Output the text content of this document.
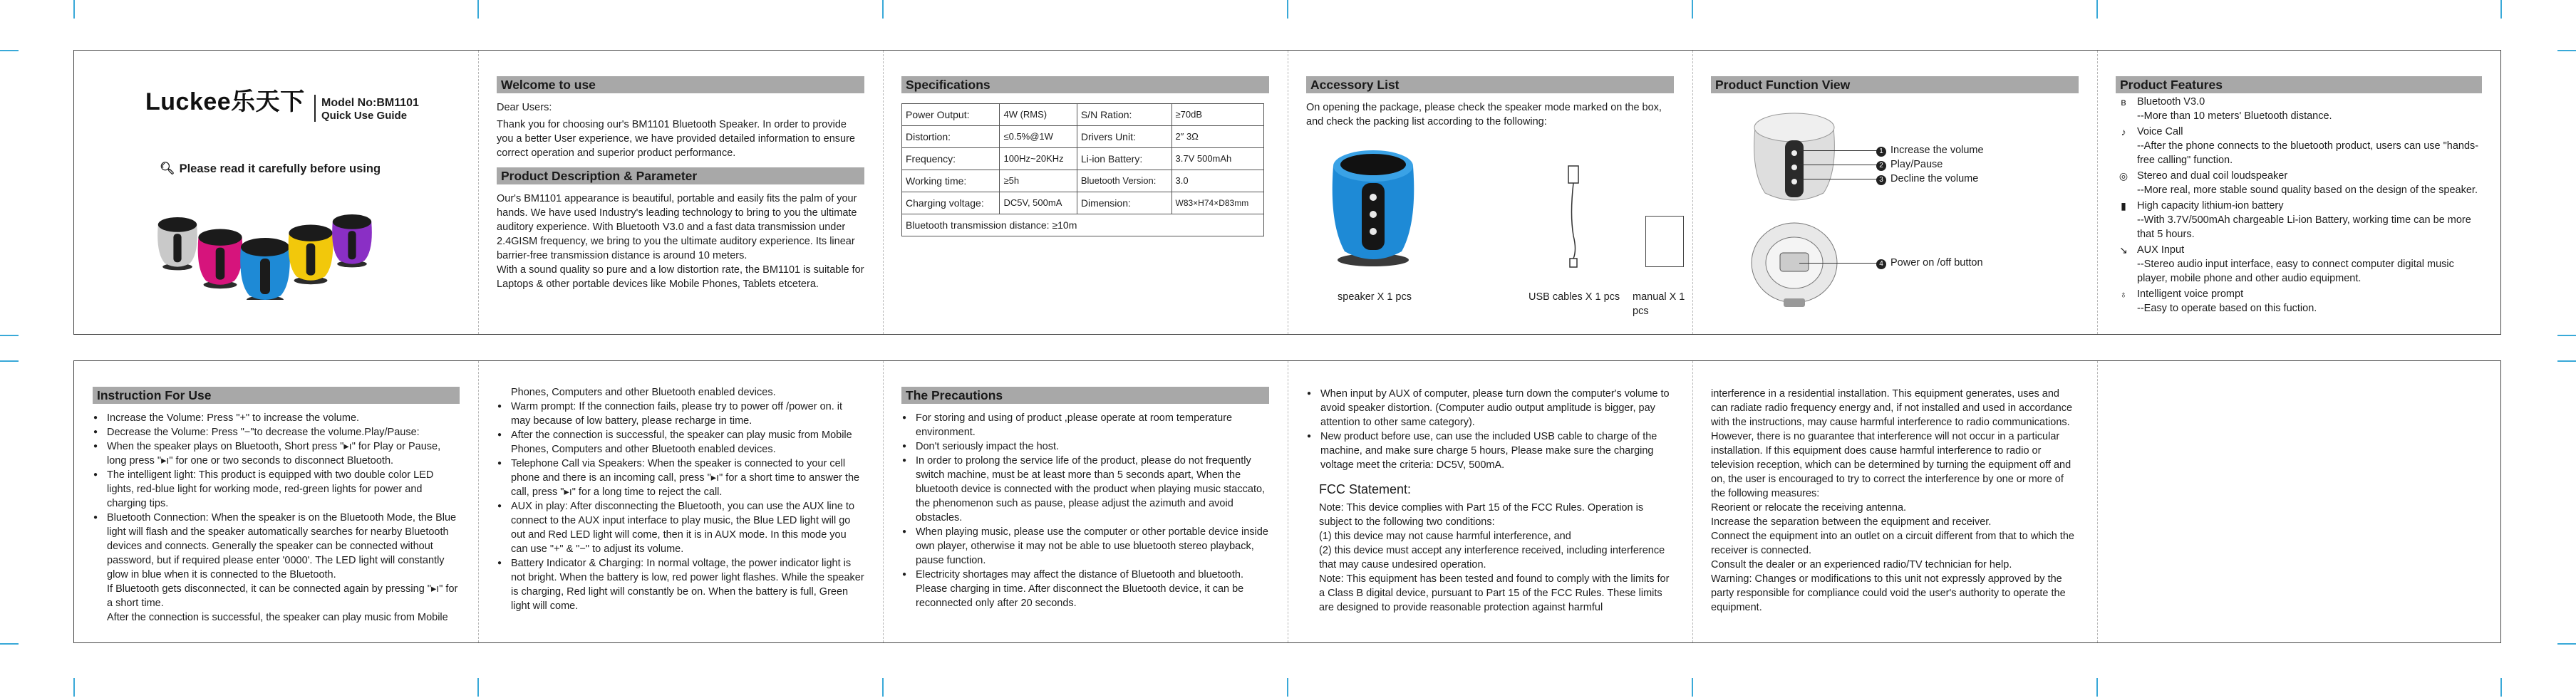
Luckee乐天下 Model No:BM1101
Quick Use Guide
🔍︎ Please read it carefully before using
Welcome to use

Dear Users:

Thank you for choosing our's BM1101 Bluetooth Speaker. In order to provide you a better User experience, we have provided detailed information to ensure correct operation and superior product performance.

Product Description & Parameter

Our's BM1101 appearance is beautiful, portable and easily fits the palm of your hands. We have used Industry's leading technology to bring to you the ultimate auditory experience. With Bluetooth V3.0 and a fast data transmission under 2.4GISM frequency, we bring to you the ultimate auditory experience. Its linear barrier-free transmission distance is around 10 meters.

With a sound quality so pure and a low distortion rate, the BM1101 is suitable for Laptops & other portable devices like Mobile Phones, Tablets etcetera.

Specifications
Power Output:	4W (RMS)	S/N Ration:	≥70dB
Distortion:	≤0.5%@1W	Drivers Unit:	2″ 3Ω
Frequency:	100Hz~20KHz	Li-ion Battery:	3.7V 500mAh
Working time:	≥5h	Bluetooth Version:	3.0
Charging voltage:	DC5V, 500mA	Dimension:	W83×H74×D83mm
Bluetooth transmission distance: ≥10m			
Accessory List

On opening the package, please check the speaker mode marked on the box, and check the packing list according to the following:

speaker X 1 pcs	USB cables X 1 pcs manual X 1 pcs
Product Function View
1 Increase the volume
2 Play/Pause
3 Decline the volume
4 Power on /off button
Product Features
ʙ	Bluetooth V3.0
--More than 10 meters' Bluetooth distance.
♪	Voice Call
--After the phone connects to the bluetooth product, users can use "hands-free calling" function.
◎ Stereo and dual coil loudspeaker
--More real, more stable sound quality based on the design of the speaker.
▮	High capacity lithium-ion battery
--With 3.7V/500mAh chargeable Li-ion Battery, working time can be more that 5 hours.
↘ AUX Input
--Stereo audio input interface, easy to connect computer digital music player, mobile phone and other audio equipment.
♁ Intelligent voice prompt
--Easy to operate based on this fuction.
Instruction For Use

● Increase the Volume: Press "+" to increase the volume.

● Decrease the Volume: Press "−"to decrease the volume.Play/Pause:

● When the speaker plays on Bluetooth, Short press "▸ı" for Play or Pause, long press "▸ı" for one or two seconds to disconnect Bluetooth.

● The intelligent light: This product is equipped with two double color LED lights, red-blue light for working mode, red-green lights for power and charging tips.

● Bluetooth Connection: When the speaker is on the Bluetooth Mode, the Blue light will flash and the speaker automatically searches for nearby Bluetooth devices and connects. Generally the speaker can be connected without password, but if required please enter '0000'. The LED light will constantly glow in blue when it is connected to the Bluetooth.

If Bluetooth gets disconnected, it can be connected again by pressing "▸ı" for a short time.

After the connection is successful, the speaker can play music from Mobile

Phones, Computers and other Bluetooth enabled devices.

● Warm prompt: If the connection fails, please try to power off /power on. it may because of low battery, please recharge in time.

● After the connection is successful, the speaker can play music from Mobile Phones, Computers and other Bluetooth enabled devices.

● Telephone Call via Speakers: When the speaker is connected to your cell phone and there is an incoming call, press "▸ı" for a short time to answer the call, press "▸ı" for a long time to reject the call.

● AUX in play: After disconnecting the Bluetooth, you can use the AUX line to connect to the AUX input interface to play music, the Blue LED light will go out and Red LED light will come, then it is in AUX mode. In this mode you can use "+" & "−" to adjust its volume.

● Battery Indicator & Charging: In normal voltage, the power indicator light is not bright. When the battery is low, red power light flashes. While the speaker is charging, Red light will constantly be on. When the battery is full, Green light will come.

The Precautions

● For storing and using of product ,please operate at room temperature environment.

● Don't seriously impact the host.

● In order to prolong the service life of the product, please do not frequently switch machine, must be at least more than 5 seconds apart, When the bluetooth device is connected with the product when playing music staccato, the phenomenon such as pause, please adjust the azimuth and avoid obstacles.

● When playing music, please use the computer or other portable device inside own player, otherwise it may not be able to use bluetooth stereo playback, pause function.

● Electricity shortages may affect the distance of Bluetooth and bluetooth. Please charging in time. After disconnect the Bluetooth device, it can be reconnected only after 20 seconds.

● When input by AUX of computer, please turn down the computer's volume to avoid speaker distortion. (Computer audio output amplitude is bigger, pay attention to other same category).

● New product before use, can use the included USB cable to charge of the machine, and make sure charge 5 hours, Please make sure the charging voltage meet the criteria: DC5V, 500mA.

FCC Statement:

Note: This device complies with Part 15 of the FCC Rules. Operation is subject to the following two conditions:

(1) this device may not cause harmful interference, and

(2) this device must accept any interference received, including interference that may cause undesired operation.

Note: This equipment has been tested and found to comply with the limits for a Class B digital device, pursuant to Part 15 of the FCC Rules. These limits are designed to provide reasonable protection against harmful

interference in a residential installation. This equipment generates, uses and can radiate radio frequency energy and, if not installed and used in accordance with the instructions, may cause harmful interference to radio communications. However, there is no guarantee that interference will not occur in a particular installation. If this equipment does cause harmful interference to radio or television reception, which can be determined by turning the equipment off and on, the user is encouraged to try to correct the interference by one or more of the following measures:

Reorient or relocate the receiving antenna.

Increase the separation between the equipment and receiver.

Connect the equipment into an outlet on a circuit different from that to which the receiver is connected.

Consult the dealer or an experienced radio/TV technician for help.

Warning: Changes or modifications to this unit not expressly approved by the party responsible for compliance could void the user's authority to operate the equipment.
